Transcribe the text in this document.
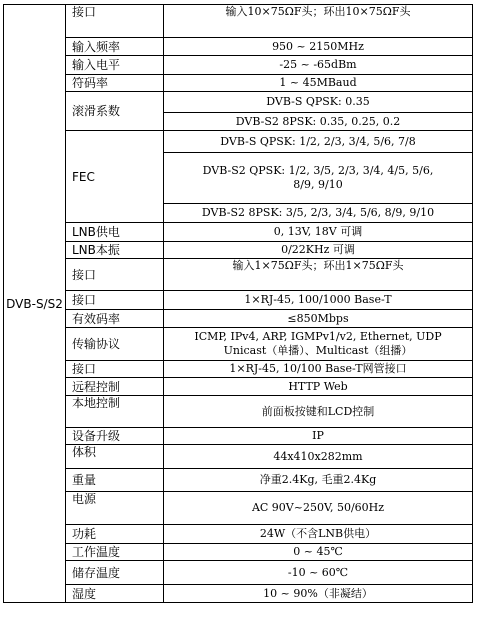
DVB-S/S2	接口	输入10×75ΩF头；环出10×75ΩF头
	输入频率	950 ~ 2150MHz
	输入电平	-25 ~ -65dBm
	符码率	1 ~ 45MBaud
	滚滑系数	DVB-S QPSK: 0.35
		DVB-S2 8PSK: 0.35, 0.25, 0.2
	FEC	DVB-S QPSK: 1/2, 2/3, 3/4, 5/6, 7/8

		DVB-S2 QPSK: 1/2, 3/5, 2/3, 3/4, 4/5, 5/6,
8/9, 9/10

		DVB-S2 8PSK: 3/5, 2/3, 3/4, 5/6, 8/9, 9/10
	LNB供电	0, 13V, 18V 可调
	LNB本振	0/22KHz 可调
	接口	输入1×75ΩF头；环出1×75ΩF头
	接口	1×RJ-45, 100/1000 Base-T
	有效码率	≤850Mbps
	传输协议	ICMP, IPv4, ARP, IGMPv1/v2, Ethernet, UDP
Unicast（单播）、Multicast（组播）

	接口	1×RJ-45, 10/100 Base-T网管接口
	远程控制	HTTP Web
	本地控制	前面板按键和LCD控制
	设备升级	IP
	体积	44x410x282mm
	重量	净重2.4Kg, 毛重2.4Kg
	电源	AC 90V~250V, 50/60Hz
	功耗	24W（不含LNB供电）
	工作温度	0 ~ 45℃
	储存温度	-10 ~ 60℃
	湿度	10 ~ 90%（非凝结）
